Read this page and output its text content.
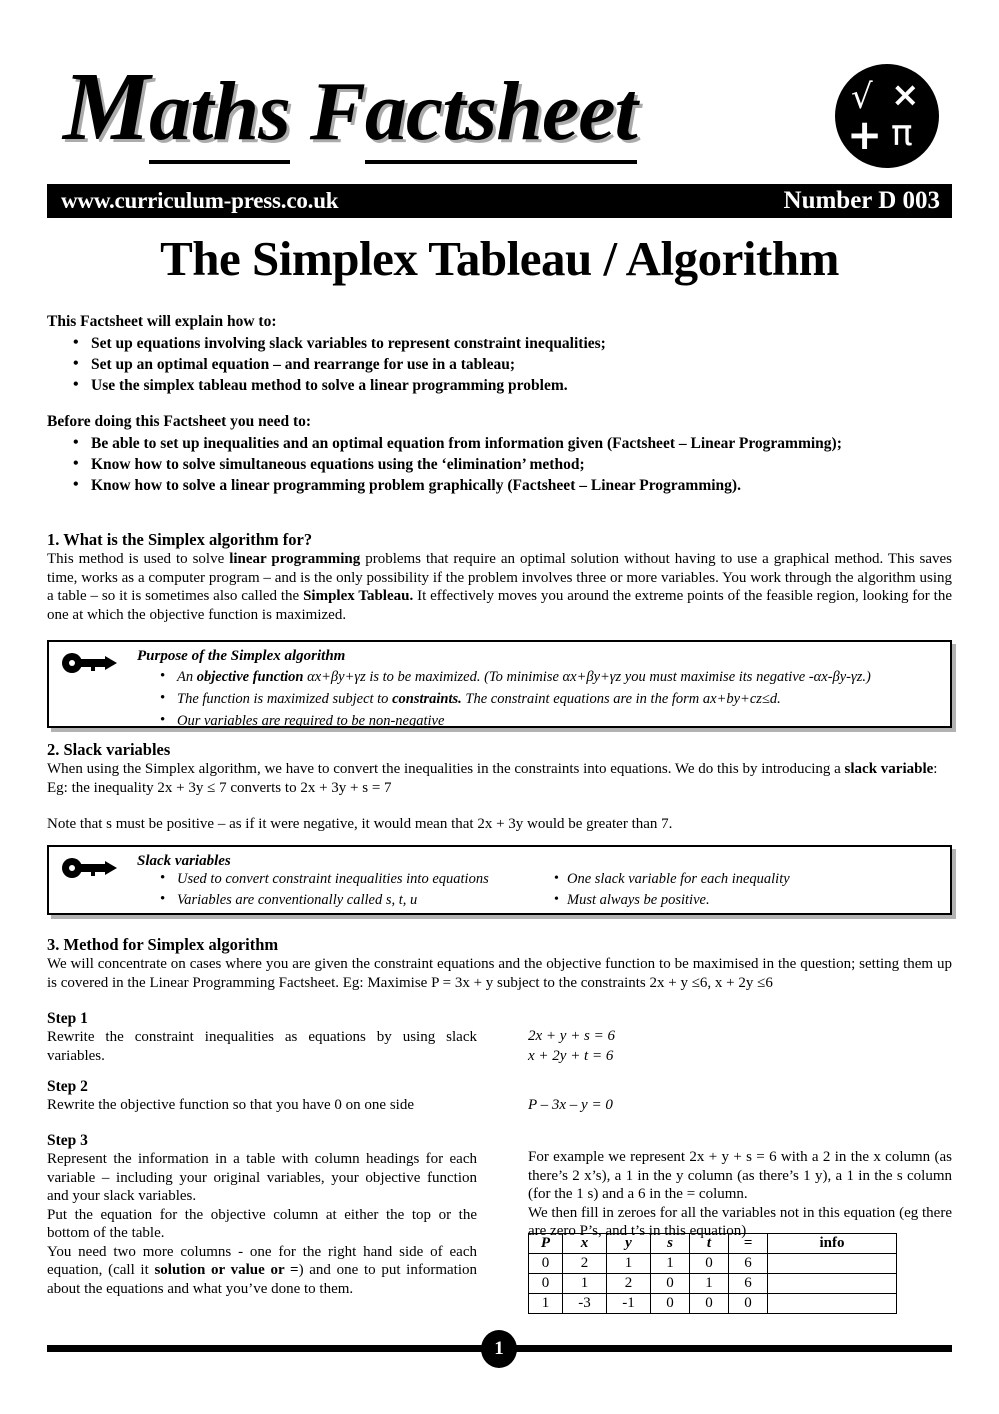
Maths Factsheet	√ ×
+ π
www.curriculum-press.co.uk	Number D 003
The Simplex Tableau / Algorithm
This Factsheet will explain how to:
• Set up equations involving slack variables to represent constraint inequalities;
• Set up an optimal equation – and rearrange for use in a tableau;
• Use the simplex tableau method to solve a linear programming problem.
Before doing this Factsheet you need to:
• Be able to set up inequalities and an optimal equation from information given (Factsheet – Linear Programming);
• Know how to solve simultaneous equations using the ‘elimination’ method;
• Know how to solve a linear programming problem graphically (Factsheet – Linear Programming).
1. What is the Simplex algorithm for?
This method is used to solve linear programming problems that require an optimal solution without having to use a graphical method. This saves time, works as a computer program – and is the only possibility if the problem involves three or more variables. You work through the algorithm using a table – so it is sometimes also called the Simplex Tableau. It effectively moves you around the extreme points of the feasible region, looking for the one at which the objective function is maximized.
Purpose of the Simplex algorithm
• An objective function αx+βy+γz is to be maximized. (To minimise αx+βy+γz you must maximise its negative -αx-βy-γz.)
• The function is maximized subject to constraints. The constraint equations are in the form ax+by+cz≤d.
• Our variables are required to be non-negative
2. Slack variables
When using the Simplex algorithm, we have to convert the inequalities in the constraints into equations. We do this by introducing a slack variable:
Eg: the inequality 2x + 3y ≤ 7 converts to 2x + 3y + s = 7
Note that s must be positive – as if it were negative, it would mean that 2x + 3y would be greater than 7.
Slack variables
• Used to convert constraint inequalities into equations
• Variables are conventionally called s, t, u
• One slack variable for each inequality
• Must always be positive.
3. Method for Simplex algorithm
We will concentrate on cases where you are given the constraint equations and the objective function to be maximised in the question; setting them up is covered in the Linear Programming Factsheet. Eg: Maximise P = 3x + y subject to the constraints 2x + y ≤6, x + 2y ≤6
Step 1
Rewrite the constraint inequalities as equations by using slack variables.
2x + y + s = 6
x + 2y + t = 6
Step 2
Rewrite the objective function so that you have 0 on one side	P – 3x – y = 0
Step 3
Represent the information in a table with column headings for each variable – including your original variables, your objective function and your slack variables.
Put the equation for the objective column at either the top or the bottom of the table.
You need two more columns - one for the right hand side of each equation, (call it solution or value or =) and one to put information about the equations and what you’ve done to them.
For example we represent 2x + y + s = 6 with a 2 in the x column (as there’s 2 x’s), a 1 in the y column (as there’s 1 y), a 1 in the s column (for the 1 s) and a 6 in the = column.
We then fill in zeroes for all the variables not in this equation (eg there are zero P’s, and t’s in this equation)
P	x	y	s	t	=	info
0	2	1	1	0	6	
0	1	2	0	1	6	
1	-3	-1	0	0	0	
1
